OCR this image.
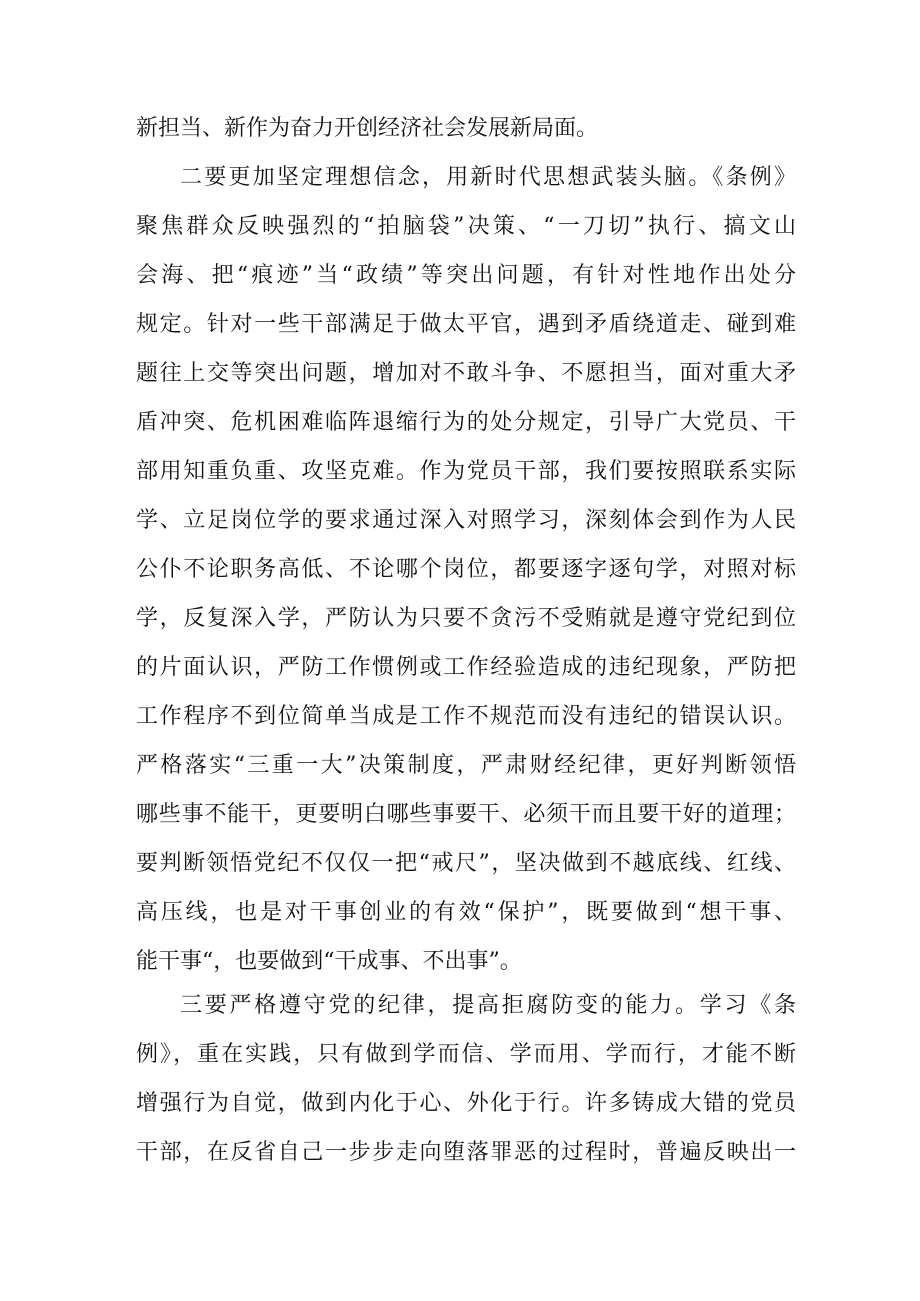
新担当、新作为奋力开创经济社会发展新局面。
二要更加坚定理想信念，用新时代思想武装头脑。《条例》
聚焦群众反映强烈的“拍脑袋”决策、“一刀切”执行、搞文山
会海、把“痕迹”当“政绩”等突出问题，有针对性地作出处分
规定。针对一些干部满足于做太平官，遇到矛盾绕道走、碰到难
题往上交等突出问题，增加对不敢斗争、不愿担当，面对重大矛
盾冲突、危机困难临阵退缩行为的处分规定，引导广大党员、干
部用知重负重、攻坚克难。作为党员干部，我们要按照联系实际
学、立足岗位学的要求通过深入对照学习，深刻体会到作为人民
公仆不论职务高低、不论哪个岗位，都要逐字逐句学，对照对标
学，反复深入学，严防认为只要不贪污不受贿就是遵守党纪到位
的片面认识，严防工作惯例或工作经验造成的违纪现象，严防把
工作程序不到位简单当成是工作不规范而没有违纪的错误认识。
严格落实“三重一大”决策制度，严肃财经纪律，更好判断领悟
哪些事不能干，更要明白哪些事要干、必须干而且要干好的道理；
要判断领悟党纪不仅仅一把“戒尺”，坚决做到不越底线、红线、
高压线，也是对干事创业的有效“保护”，既要做到“想干事、
能干事“，也要做到“干成事、不出事”。
三要严格遵守党的纪律，提高拒腐防变的能力。学习《条
例》，重在实践，只有做到学而信、学而用、学而行，才能不断
增强行为自觉，做到内化于心、外化于行。许多铸成大错的党员
干部，在反省自己一步步走向堕落罪恶的过程时，普遍反映出一
